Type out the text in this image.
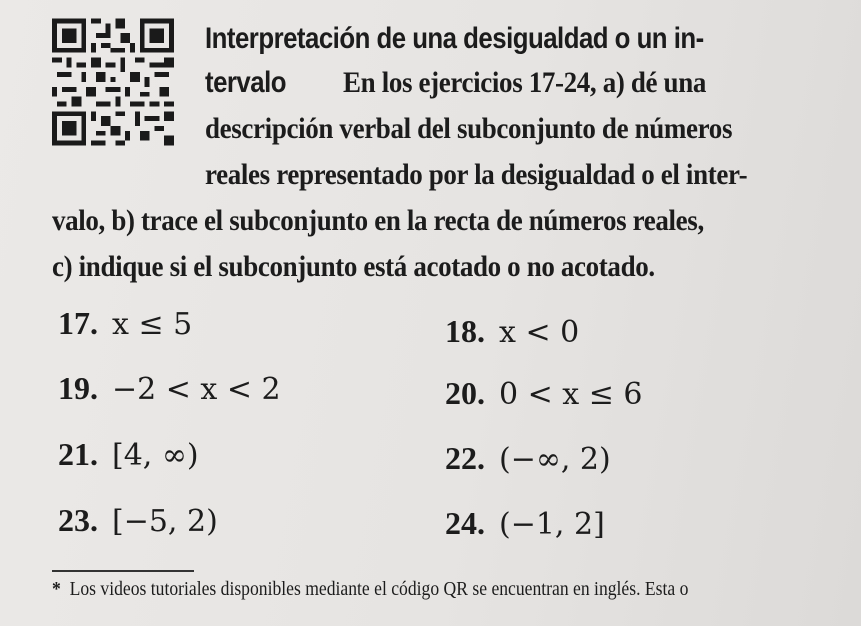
Interpretación de una desigualdad o un in-
tervalo En los ejercicios 17-24, a) dé una
descripción verbal del subconjunto de números
reales representado por la desigualdad o el inter-
valo, b) trace el subconjunto en la recta de números reales,
c) indique si el subconjunto está acotado o no acotado.
17. x ≤ 5	18. x < 0
19. −2 < x < 2	20. 0 < x ≤ 6
21. [4, ∞)	22. (−∞, 2)
23. [−5, 2)	24. (−1, 2]
* Los videos tutoriales disponibles mediante el código QR se encuentran en inglés. Esta o
